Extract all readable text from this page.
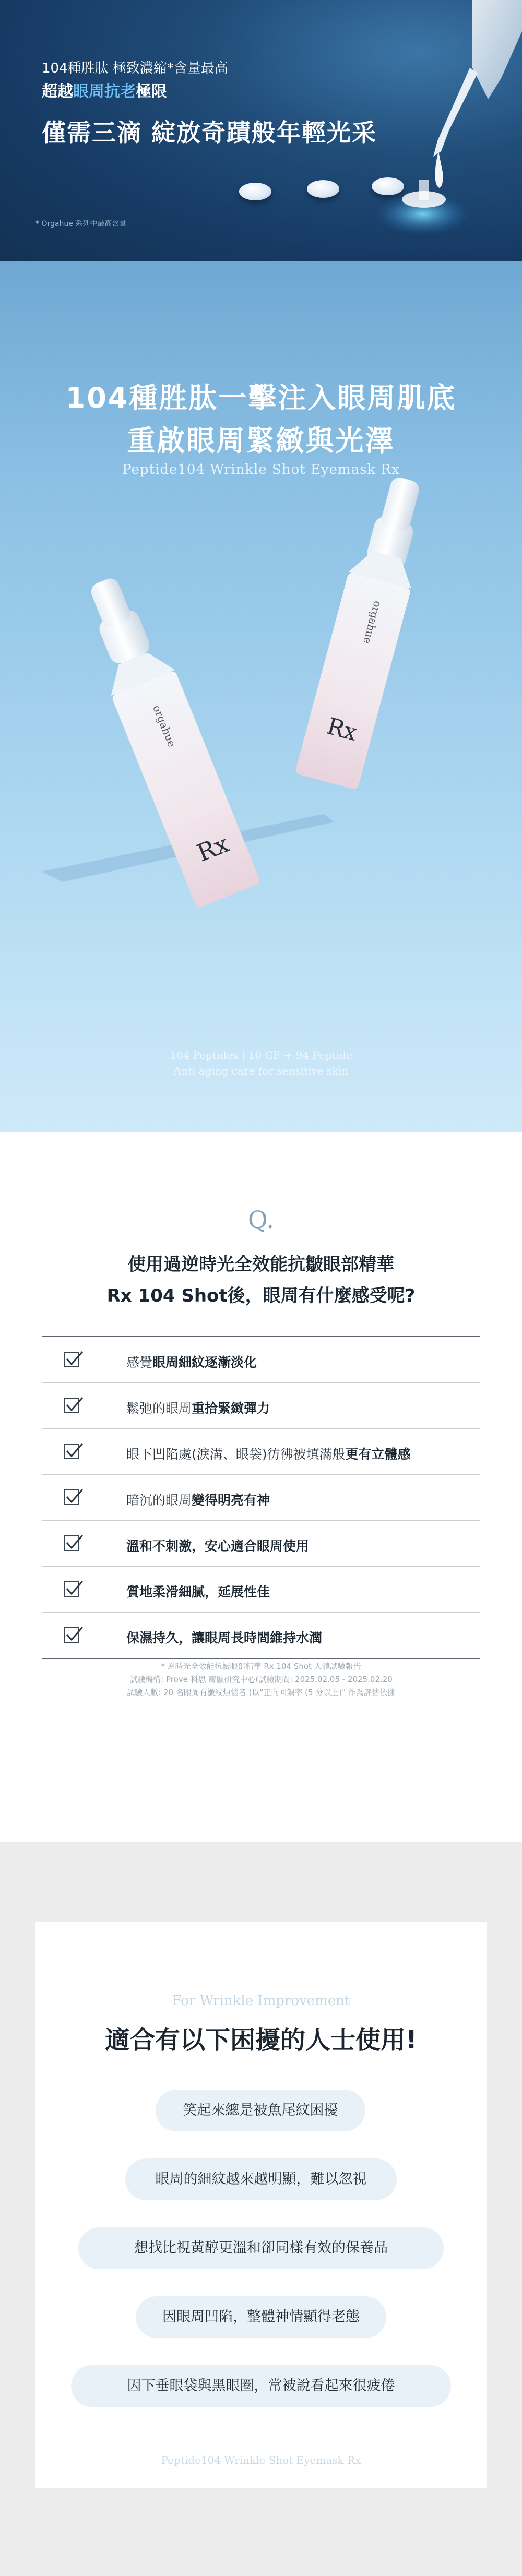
104種胜肽 極致濃縮*含量最高
超越眼周抗老極限
僅需三滴 綻放奇蹟般年輕光采
* Orgahue 系列中最高含量
orgahue
Rx
orgahue
Rx
104種胜肽一擊注入眼周肌底
重啟眼周緊緻與光澤
Peptide104 Wrinkle Shot Eyemask Rx
104 Peptides | 10 GF + 94 Peptide
Anti aging care for sensitive skin
Q.
使用過逆時光全效能抗皺眼部精華
Rx 104 Shot後，眼周有什麼感受呢?
感覺眼周細紋逐漸淡化
鬆弛的眼周重拾緊緻彈力
眼下凹陷處(淚溝、眼袋)彷彿被填滿般更有立體感
暗沉的眼周變得明亮有神
溫和不刺激，安心適合眼周使用
質地柔滑細膩，延展性佳
保濕持久，讓眼周長時間維持水潤
* 逆時光全效能抗皺眼部精華 Rx 104 Shot 人體試驗報告
試驗機構: Prove 科思 膚顯研究中心(試驗期間: 2025.02.05 - 2025.02.20
試驗人數: 20 名眼周有皺紋煩惱者 (以"正向回饋率 (5 分以上)" 作為評估依據
For Wrinkle Improvement
適合有以下困擾的人士使用!
笑起來總是被魚尾紋困擾
眼周的細紋越來越明顯，難以忽視
想找比視黃醇更溫和卻同樣有效的保養品
因眼周凹陷，整體神情顯得老態
因下垂眼袋與黑眼圈，常被說看起來很疲倦
Peptide104 Wrinkle Shot Eyemask Rx
